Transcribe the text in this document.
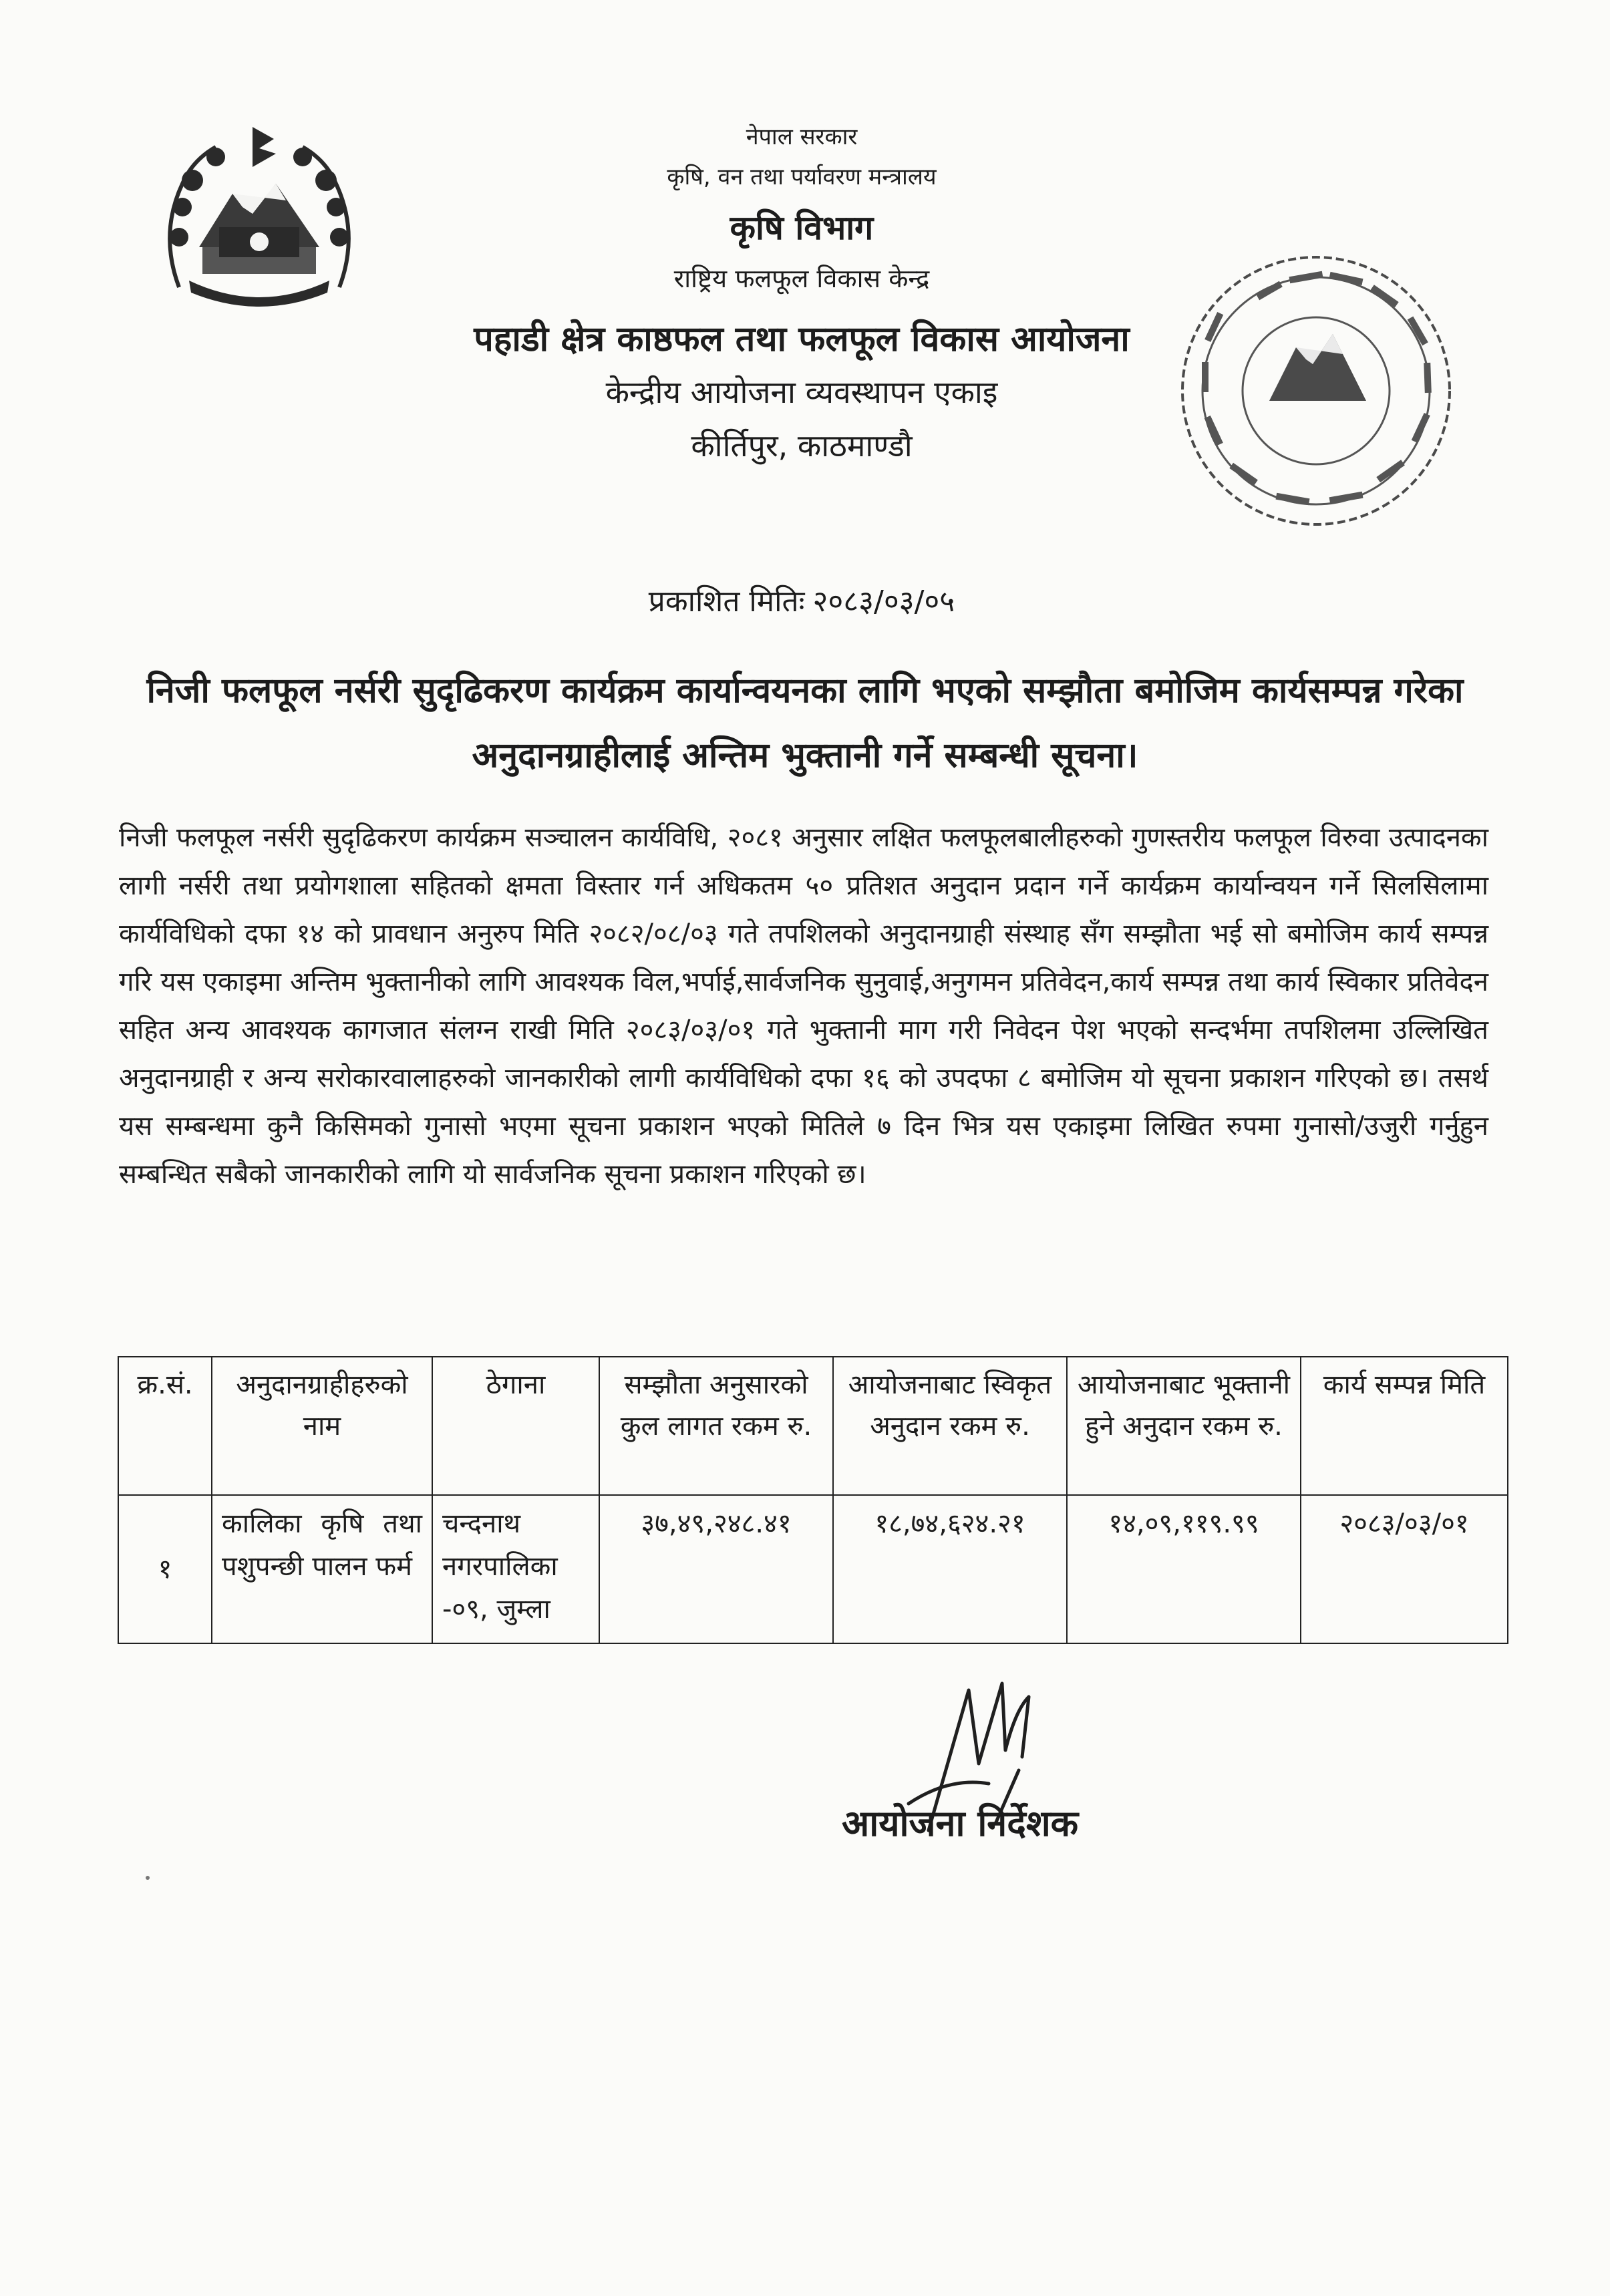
नेपाल सरकार
कृषि, वन तथा पर्यावरण मन्त्रालय
कृषि विभाग
राष्ट्रिय फलफूल विकास केन्द्र
पहाडी क्षेत्र काष्ठफल तथा फलफूल विकास आयोजना
केन्द्रीय आयोजना व्यवस्थापन एकाइ
कीर्तिपुर, काठमाण्डौ
प्रकाशित मितिः २०८३/०३/०५
निजी फलफूल नर्सरी सुदृढिकरण कार्यक्रम कार्यान्वयनका लागि भएको सम्झौता बमोजिम कार्यसम्पन्न गरेका
अनुदानग्राहीलाई अन्तिम भुक्तानी गर्ने सम्बन्धी सूचना।

निजी फलफूल नर्सरी सुदृढिकरण कार्यक्रम सञ्चालन कार्यविधि, २०८१ अनुसार लक्षित फलफूलबालीहरुको गुणस्तरीय फलफूल विरुवा उत्पादनका लागी नर्सरी तथा प्रयोगशाला सहितको क्षमता विस्तार गर्न अधिकतम ५० प्रतिशत अनुदान प्रदान गर्ने कार्यक्रम कार्यान्वयन गर्ने सिलसिलामा कार्यविधिको दफा १४ को प्रावधान अनुरुप मिति २०८२/०८/०३ गते तपशिलको अनुदानग्राही संस्थाह सँग सम्झौता भई सो बमोजिम कार्य सम्पन्न गरि यस एकाइमा अन्तिम भुक्तानीको लागि आवश्यक विल,भर्पाई,सार्वजनिक सुनुवाई,अनुगमन प्रतिवेदन,कार्य सम्पन्न तथा कार्य स्विकार प्रतिवेदन सहित अन्य आवश्यक कागजात संलग्न राखी मिति २०८३/०३/०१ गते भुक्तानी माग गरी निवेदन पेश भएको सन्दर्भमा तपशिलमा उल्लिखित अनुदानग्राही र अन्य सरोकारवालाहरुको जानकारीको लागी कार्यविधिको दफा १६ को उपदफा ८ बमोजिम यो सूचना प्रकाशन गरिएको छ। तसर्थ यस सम्बन्धमा कुनै किसिमको गुनासो भएमा सूचना प्रकाशन भएको मितिले ७ दिन भित्र यस एकाइमा लिखित रुपमा गुनासो/उजुरी गर्नुहुन सम्बन्धित सबैको जानकारीको लागि यो सार्वजनिक सूचना प्रकाशन गरिएको छ।

क्र.सं.	अनुदानग्राहीहरुको नाम	ठेगाना	सम्झौता अनुसारको कुल लागत रकम रु.	आयोजनाबाट स्विकृत अनुदान रकम रु.	आयोजनाबाट भूक्तानी हुने अनुदान रकम रु.	कार्य सम्पन्न मिति
१	कालिका कृषि तथा पशुपन्छी पालन फर्म	चन्दनाथ नगरपालिका -०९, जुम्ला	३७,४९,२४८.४१	१८,७४,६२४.२१	१४,०९,११९.९९	२०८३/०३/०१
आयोजना निर्देशक
